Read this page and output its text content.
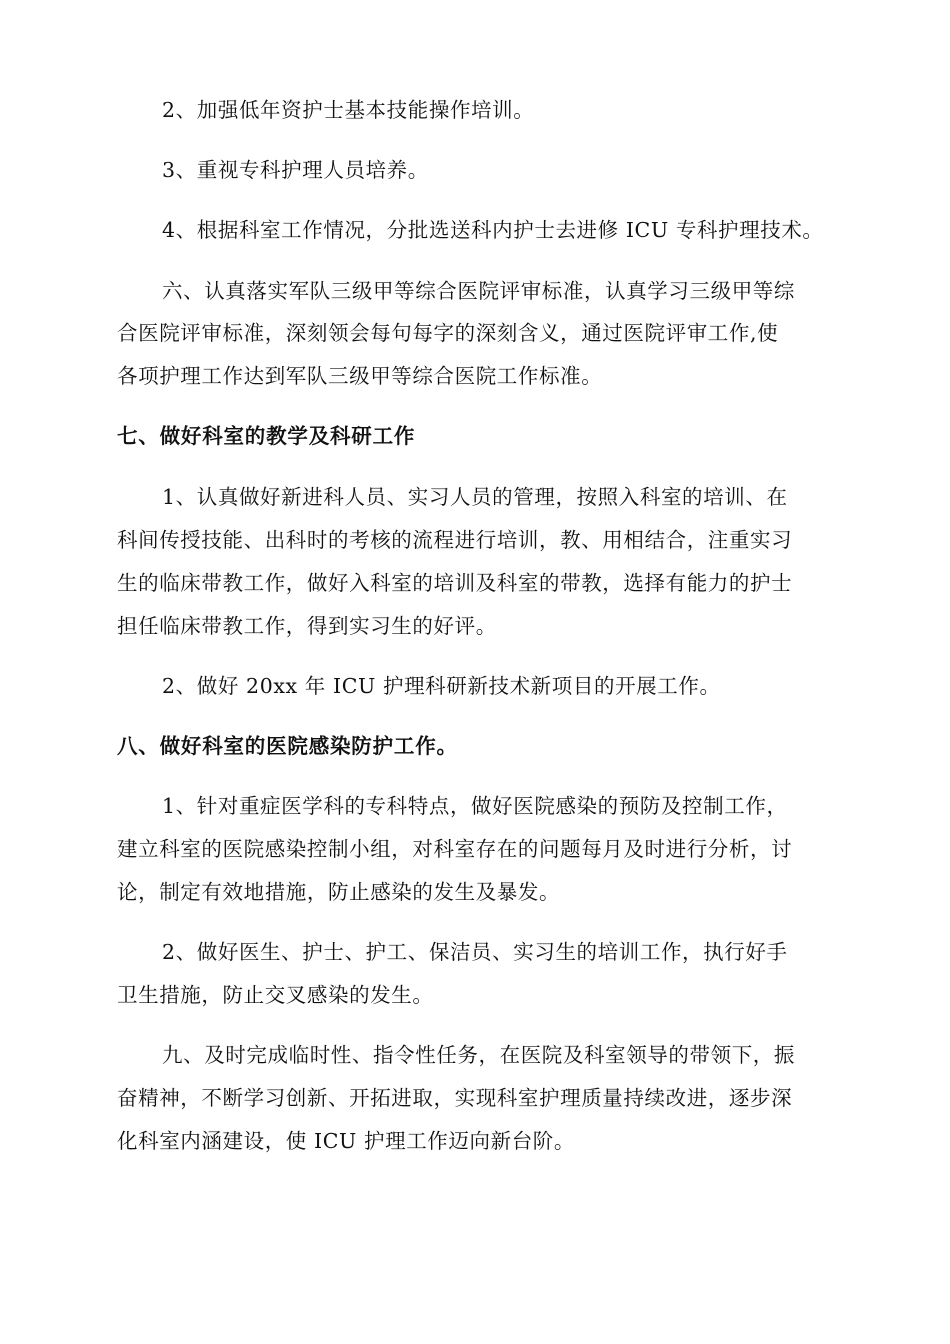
2、加强低年资护士基本技能操作培训。
3、重视专科护理人员培养。
4、根据科室工作情况，分批选送科内护士去进修 ICU 专科护理技术。
六、认真落实军队三级甲等综合医院评审标准，认真学习三级甲等综
合医院评审标准，深刻领会每句每字的深刻含义，通过医院评审工作,使
各项护理工作达到军队三级甲等综合医院工作标准。
七、做好科室的教学及科研工作
1、认真做好新进科人员、实习人员的管理，按照入科室的培训、在
科间传授技能、出科时的考核的流程进行培训，教、用相结合，注重实习
生的临床带教工作，做好入科室的培训及科室的带教，选择有能力的护士
担任临床带教工作，得到实习生的好评。
2、做好 20xx 年 ICU 护理科研新技术新项目的开展工作。
八、做好科室的医院感染防护工作。
1、针对重症医学科的专科特点，做好医院感染的预防及控制工作，
建立科室的医院感染控制小组，对科室存在的问题每月及时进行分析，讨
论，制定有效地措施，防止感染的发生及暴发。
2、做好医生、护士、护工、保洁员、实习生的培训工作，执行好手
卫生措施，防止交叉感染的发生。
九、及时完成临时性、指令性任务，在医院及科室领导的带领下，振
奋精神，不断学习创新、开拓进取，实现科室护理质量持续改进，逐步深
化科室内涵建设，使 ICU 护理工作迈向新台阶。
